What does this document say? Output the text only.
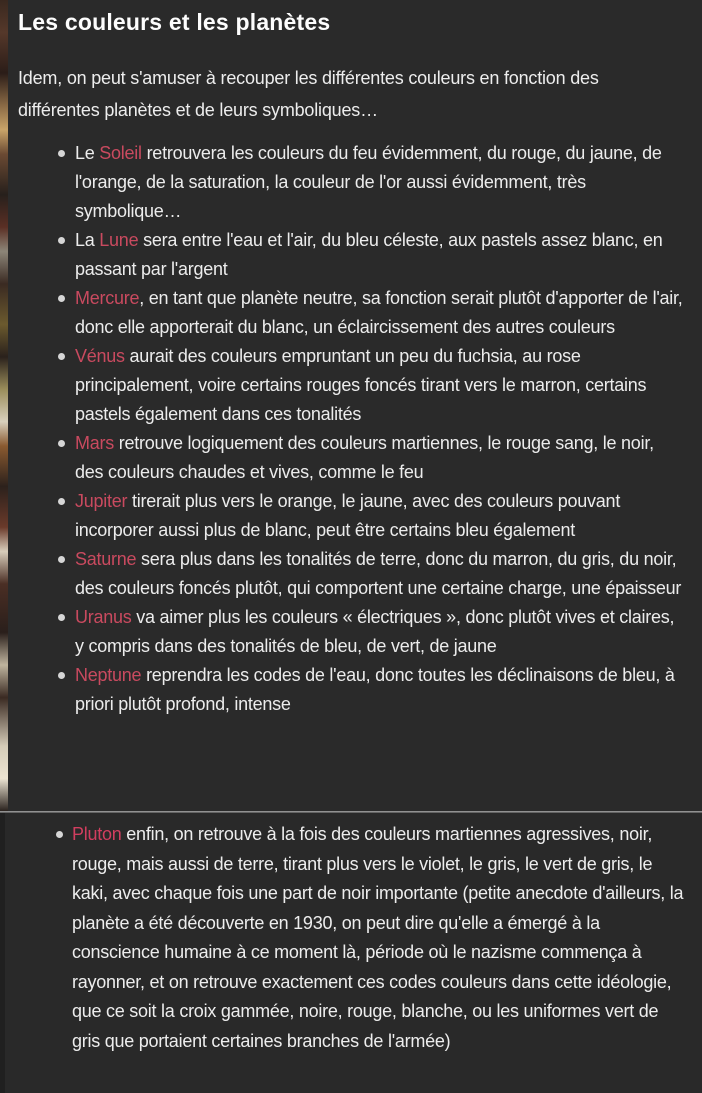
Les couleurs et les planètes

Idem, on peut s'amuser à recouper les différentes couleurs en fonction des différentes planètes et de leurs symboliques…

Le Soleil retrouvera les couleurs du feu évidemment, du rouge, du jaune, de l'orange, de la saturation, la couleur de l'or aussi évidemment, très symbolique…
La Lune sera entre l'eau et l'air, du bleu céleste, aux pastels assez blanc, en passant par l'argent
Mercure, en tant que planète neutre, sa fonction serait plutôt d'apporter de l'air, donc elle apporterait du blanc, un éclaircissement des autres couleurs
Vénus aurait des couleurs empruntant un peu du fuchsia, au rose principalement, voire certains rouges foncés tirant vers le marron, certains pastels également dans ces tonalités
Mars retrouve logiquement des couleurs martiennes, le rouge sang, le noir, des couleurs chaudes et vives, comme le feu
Jupiter tirerait plus vers le orange, le jaune, avec des couleurs pouvant incorporer aussi plus de blanc, peut être certains bleu également
Saturne sera plus dans les tonalités de terre, donc du marron, du gris, du noir, des couleurs foncés plutôt, qui comportent une certaine charge, une épaisseur
Uranus va aimer plus les couleurs « électriques », donc plutôt vives et claires, y compris dans des tonalités de bleu, de vert, de jaune
Neptune reprendra les codes de l'eau, donc toutes les déclinaisons de bleu, à priori plutôt profond, intense
Pluton enfin, on retrouve à la fois des couleurs martiennes agressives, noir, rouge, mais aussi de terre, tirant plus vers le violet, le gris, le vert de gris, le kaki, avec chaque fois une part de noir importante (petite anecdote d'ailleurs, la planète a été découverte en 1930, on peut dire qu'elle a émergé à la conscience humaine à ce moment là, période où le nazisme commença à rayonner, et on retrouve exactement ces codes couleurs dans cette idéologie, que ce soit la croix gammée, noire, rouge, blanche, ou les uniformes vert de gris que portaient certaines branches de l'armée)
